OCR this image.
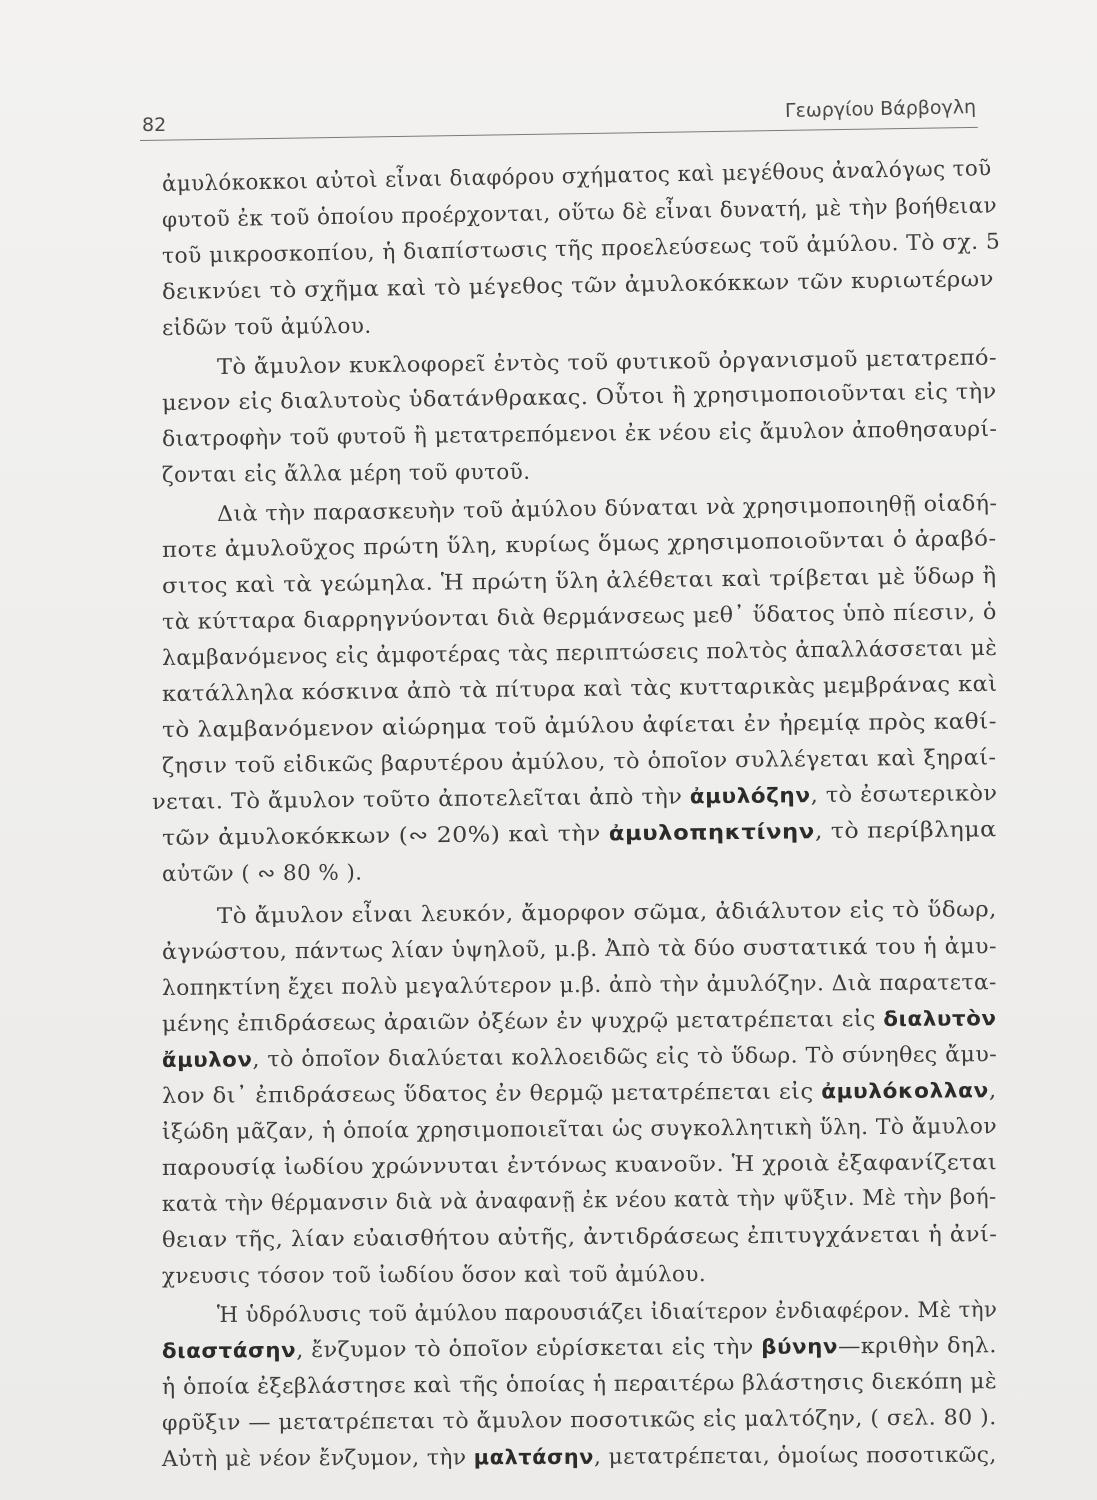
82
Γεωργίου Βάρβογλη
ἀμυλόκοκκοι αὐτοὶ εἶναι διαφόρου σχήματος καὶ μεγέθους ἀναλόγως τοῦ
φυτοῦ ἐκ τοῦ ὁποίου προέρχονται, οὕτω δὲ εἶναι δυνατή, μὲ τὴν βοήθειαν
τοῦ μικροσκοπίου, ἡ διαπίστωσις τῆς προελεύσεως τοῦ ἀμύλου. Τὸ σχ. 5
δεικνύει τὸ σχῆμα καὶ τὸ μέγεθος τῶν ἀμυλοκόκκων τῶν κυριωτέρων
εἰδῶν τοῦ ἀμύλου.
Τὸ ἄμυλον κυκλοφορεῖ ἐντὸς τοῦ φυτικοῦ ὀργανισμοῦ μετατρεπό-
μενον εἰς διαλυτοὺς ὑδατάνθρακας. Οὗτοι ἢ χρησιμοποιοῦνται εἰς τὴν
διατροφὴν τοῦ φυτοῦ ἢ μετατρεπόμενοι ἐκ νέου εἰς ἄμυλον ἀποθησαυρί-
ζονται εἰς ἄλλα μέρη τοῦ φυτοῦ.
Διὰ τὴν παρασκευὴν τοῦ ἀμύλου δύναται νὰ χρησιμοποιηθῇ οἱαδή-
ποτε ἀμυλοῦχος πρώτη ὕλη, κυρίως ὅμως χρησιμοποιοῦνται ὁ ἀραβό-
σιτος καὶ τὰ γεώμηλα. Ἡ πρώτη ὕλη ἀλέθεται καὶ τρίβεται μὲ ὕδωρ ἢ
τὰ κύτταρα διαρρηγνύονται διὰ θερμάνσεως μεθ᾽ ὕδατος ὑπὸ πίεσιν, ὁ
λαμβανόμενος εἰς ἀμφοτέρας τὰς περιπτώσεις πολτὸς ἀπαλλάσσεται μὲ
κατάλληλα κόσκινα ἀπὸ τὰ πίτυρα καὶ τὰς κυτταρικὰς μεμβράνας καὶ
τὸ λαμβανόμενον αἰώρημα τοῦ ἀμύλου ἀφίεται ἐν ἠρεμίᾳ πρὸς καθί-
ζησιν τοῦ εἰδικῶς βαρυτέρου ἀμύλου, τὸ ὁποῖον συλλέγεται καὶ ξηραί-
νεται. Τὸ ἄμυλον τοῦτο ἀποτελεῖται ἀπὸ τὴν ἀμυλόζην, τὸ ἐσωτερικὸν
τῶν ἀμυλοκόκκων (∾ 20%) καὶ τὴν ἀμυλοπηκτίνην, τὸ περίβλημα
αὐτῶν ( ∾ 80 % ).
Τὸ ἄμυλον εἶναι λευκόν, ἄμορφον σῶμα, ἀδιάλυτον εἰς τὸ ὕδωρ,
ἀγνώστου, πάντως λίαν ὑψηλοῦ, μ.β. Ἀπὸ τὰ δύο συστατικά του ἡ ἀμυ-
λοπηκτίνη ἔχει πολὺ μεγαλύτερον μ.β. ἀπὸ τὴν ἀμυλόζην. Διὰ παρατετα-
μένης ἐπιδράσεως ἀραιῶν ὀξέων ἐν ψυχρῷ μετατρέπεται εἰς διαλυτὸν
ἄμυλον, τὸ ὁποῖον διαλύεται κολλοειδῶς εἰς τὸ ὕδωρ. Τὸ σύνηθες ἄμυ-
λον δι᾽ ἐπιδράσεως ὕδατος ἐν θερμῷ μετατρέπεται εἰς ἀμυλόκολλαν,
ἰξώδη μᾶζαν, ἡ ὁποία χρησιμοποιεῖται ὡς συγκολλητικὴ ὕλη. Τὸ ἄμυλον
παρουσίᾳ ἰωδίου χρώννυται ἐντόνως κυανοῦν. Ἡ χροιὰ ἐξαφανίζεται
κατὰ τὴν θέρμανσιν διὰ νὰ ἀναφανῇ ἐκ νέου κατὰ τὴν ψῦξιν. Μὲ τὴν βοή-
θειαν τῆς, λίαν εὐαισθήτου αὐτῆς, ἀντιδράσεως ἐπιτυγχάνεται ἡ ἀνί-
χνευσις τόσον τοῦ ἰωδίου ὅσον καὶ τοῦ ἀμύλου.
Ἡ ὑδρόλυσις τοῦ ἀμύλου παρουσιάζει ἰδιαίτερον ἐνδιαφέρον. Μὲ τὴν
διαστάσην, ἔνζυμον τὸ ὁποῖον εὑρίσκεται εἰς τὴν βύνην—κριθὴν δηλ.
ἡ ὁποία ἐξεβλάστησε καὶ τῆς ὁποίας ἡ περαιτέρω βλάστησις διεκόπη μὲ
φρῦξιν — μετατρέπεται τὸ ἄμυλον ποσοτικῶς εἰς μαλτόζην, ( σελ. 80 ).
Αὐτὴ μὲ νέον ἔνζυμον, τὴν μαλτάσην, μετατρέπεται, ὁμοίως ποσοτικῶς,
